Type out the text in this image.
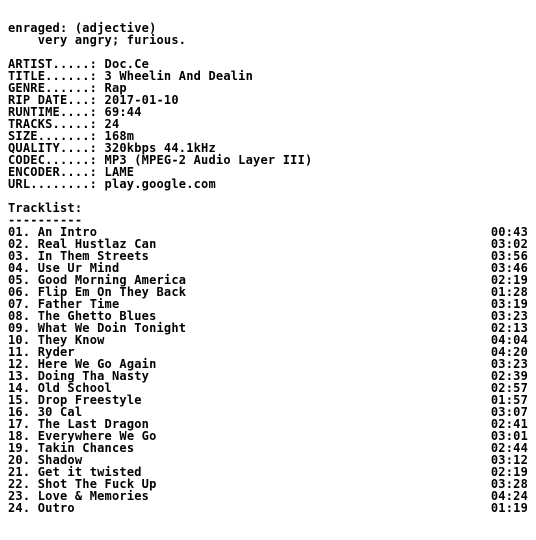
enraged: (adjective)
very angry; furious.
ARTIST.....: Doc.Ce
TITLE......: 3 Wheelin And Dealin
GENRE......: Rap
RIP DATE...: 2017-01-10
RUNTIME....: 69:44
TRACKS.....: 24
SIZE.......: 168m
QUALITY....: 320kbps 44.1kHz
CODEC......: MP3 (MPEG-2 Audio Layer III)
ENCODER....: LAME
URL........: play.google.com
Tracklist:
----------
01. An Intro	00:43
02. Real Hustlaz Can	03:02
03. In Them Streets	03:56
04. Use Ur Mind	03:46
05. Good Morning America	02:19
06. Flip Em On They Back	01:28
07. Father Time	03:19
08. The Ghetto Blues	03:23
09. What We Doin Tonight	02:13
10. They Know	04:04
11. Ryder	04:20
12. Here We Go Again	03:23
13. Doing Tha Nasty	02:39
14. Old School	02:57
15. Drop Freestyle	01:57
16. 30 Cal	03:07
17. The Last Dragon	02:41
18. Everywhere We Go	03:01
19. Takin Chances	02:44
20. Shadow	03:12
21. Get it twisted	02:19
22. Shot The Fuck Up	03:28
23. Love & Memories	04:24
24. Outro	01:19
